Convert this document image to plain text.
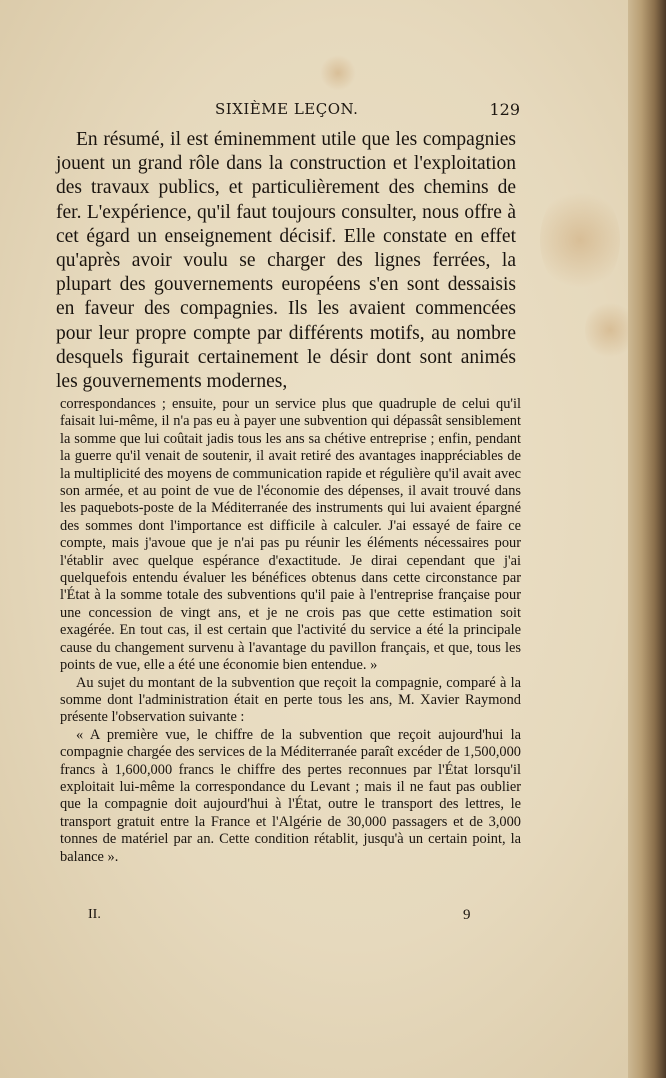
SIXIÈME LEÇON.	129

En résumé, il est éminemment utile que les compagnies jouent un grand rôle dans la construction et l'exploitation des travaux publics, et particulièrement des chemins de fer. L'expérience, qu'il faut toujours consulter, nous offre à cet égard un enseignement décisif. Elle constate en effet qu'après avoir voulu se charger des lignes ferrées, la plupart des gouvernements européens s'en sont dessaisis en faveur des compagnies. Ils les avaient commencées pour leur propre compte par différents motifs, au nombre desquels figurait certainement le désir dont sont animés les gouvernements modernes,

correspondances ; ensuite, pour un service plus que quadruple de celui qu'il faisait lui-même, il n'a pas eu à payer une subvention qui dépassât sensiblement la somme que lui coûtait jadis tous les ans sa chétive entreprise ; enfin, pendant la guerre qu'il venait de soutenir, il avait retiré des avantages inappréciables de la multiplicité des moyens de communication rapide et régulière qu'il avait avec son armée, et au point de vue de l'économie des dépenses, il avait trouvé dans les paquebots-poste de la Méditerranée des instruments qui lui avaient épargné des sommes dont l'importance est difficile à calculer. J'ai essayé de faire ce compte, mais j'avoue que je n'ai pas pu réunir les éléments nécessaires pour l'établir avec quelque espérance d'exactitude. Je dirai cependant que j'ai quelquefois entendu évaluer les bénéfices obtenus dans cette circonstance par l'État à la somme totale des subventions qu'il paie à l'entreprise française pour une concession de vingt ans, et je ne crois pas que cette estimation soit exagérée. En tout cas, il est certain que l'activité du service a été la principale cause du changement survenu à l'avantage du pavillon français, et que, tous les points de vue, elle a été une économie bien entendue. »

Au sujet du montant de la subvention que reçoit la compagnie, comparé à la somme dont l'administration était en perte tous les ans, M. Xavier Raymond présente l'observation suivante :

« A première vue, le chiffre de la subvention que reçoit aujourd'hui la compagnie chargée des services de la Méditerranée paraît excéder de 1,500,000 francs à 1,600,000 francs le chiffre des pertes reconnues par l'État lorsqu'il exploitait lui-même la correspondance du Levant ; mais il ne faut pas oublier que la compagnie doit aujourd'hui à l'État, outre le transport des lettres, le transport gratuit entre la France et l'Algérie de 30,000 passagers et de 3,000 tonnes de matériel par an. Cette condition rétablit, jusqu'à un certain point, la balance ».

II.	9
